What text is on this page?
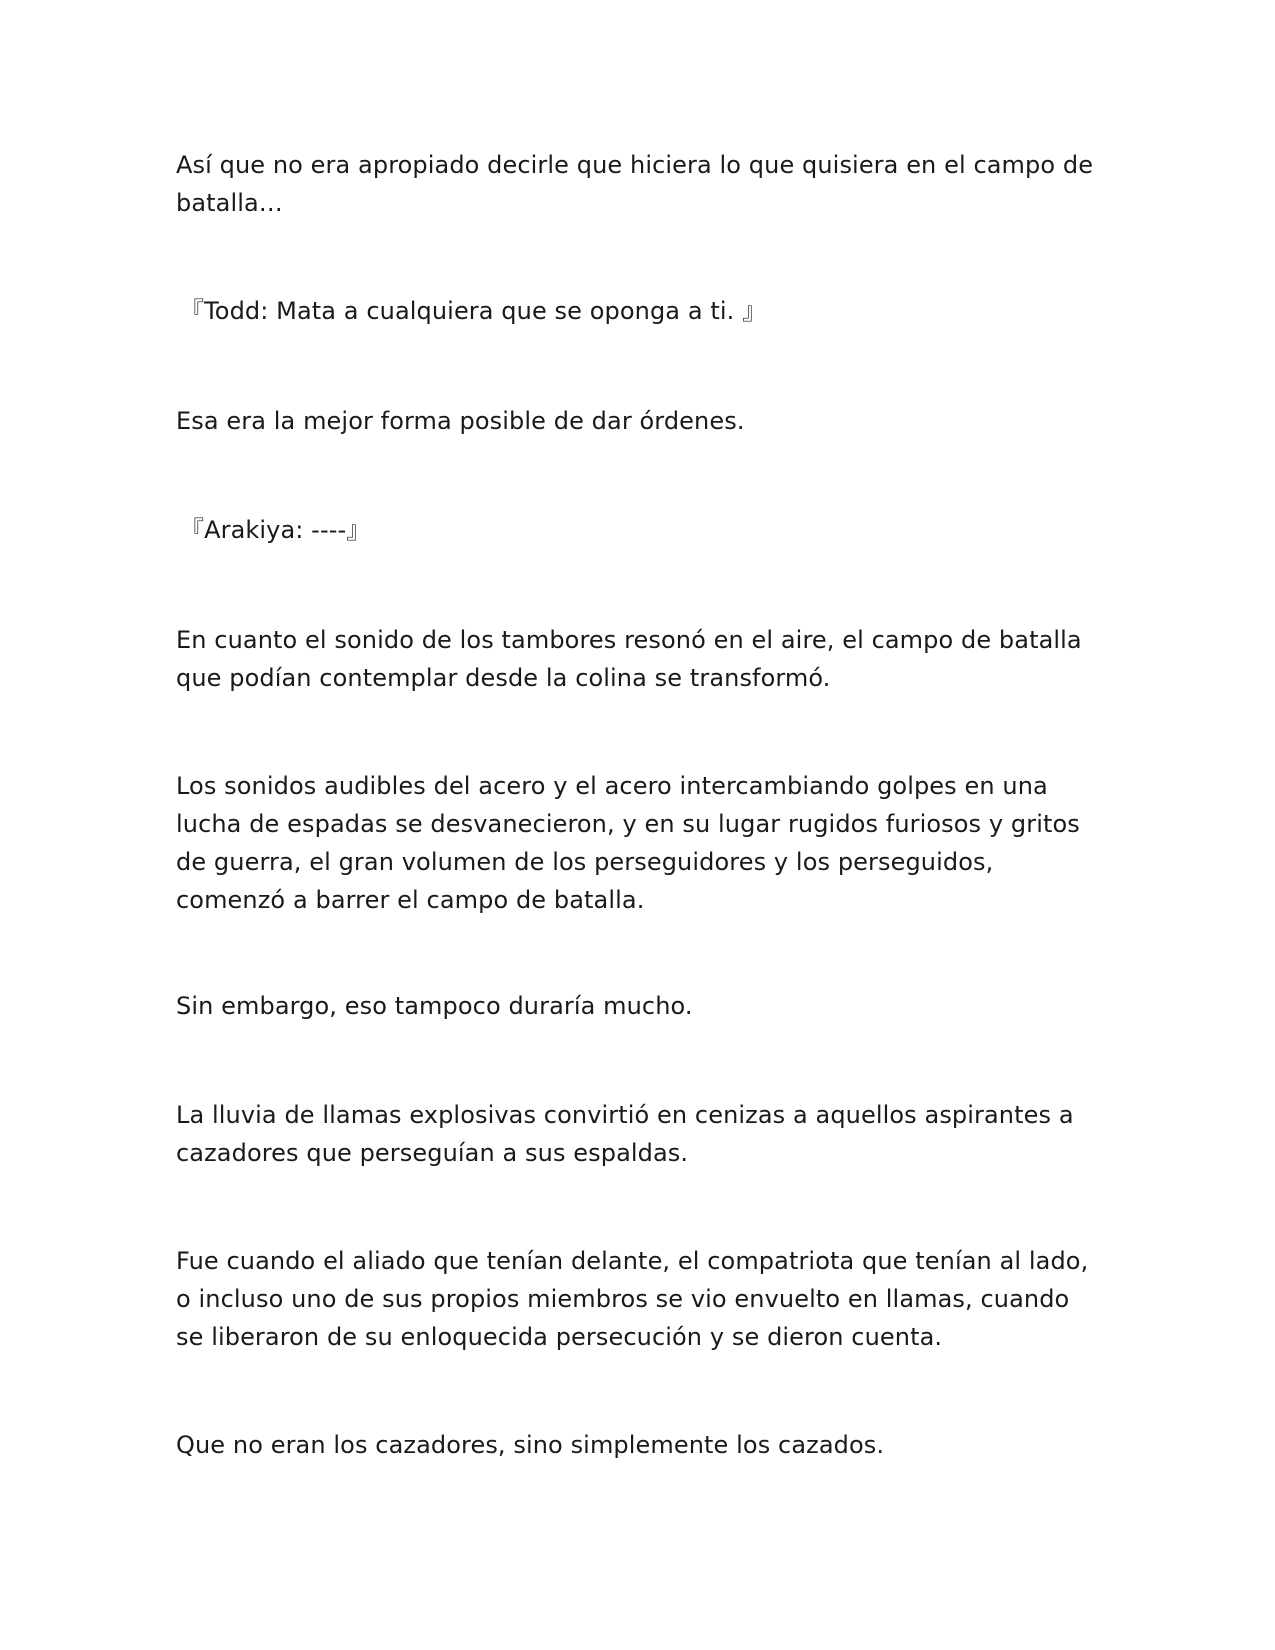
Así que no era apropiado decirle que hiciera lo que quisiera en el campo de batalla…

『Todd: Mata a cualquiera que se oponga a ti. 』

Esa era la mejor forma posible de dar órdenes.

『Arakiya: ----』

En cuanto el sonido de los tambores resonó en el aire, el campo de batalla que podían contemplar desde la colina se transformó.

Los sonidos audibles del acero y el acero intercambiando golpes en una lucha de espadas se desvanecieron, y en su lugar rugidos furiosos y gritos de guerra, el gran volumen de los perseguidores y los perseguidos, comenzó a barrer el campo de batalla.

Sin embargo, eso tampoco duraría mucho.

La lluvia de llamas explosivas convirtió en cenizas a aquellos aspirantes a cazadores que perseguían a sus espaldas.

Fue cuando el aliado que tenían delante, el compatriota que tenían al lado, o incluso uno de sus propios miembros se vio envuelto en llamas, cuando se liberaron de su enloquecida persecución y se dieron cuenta.

Que no eran los cazadores, sino simplemente los cazados.
